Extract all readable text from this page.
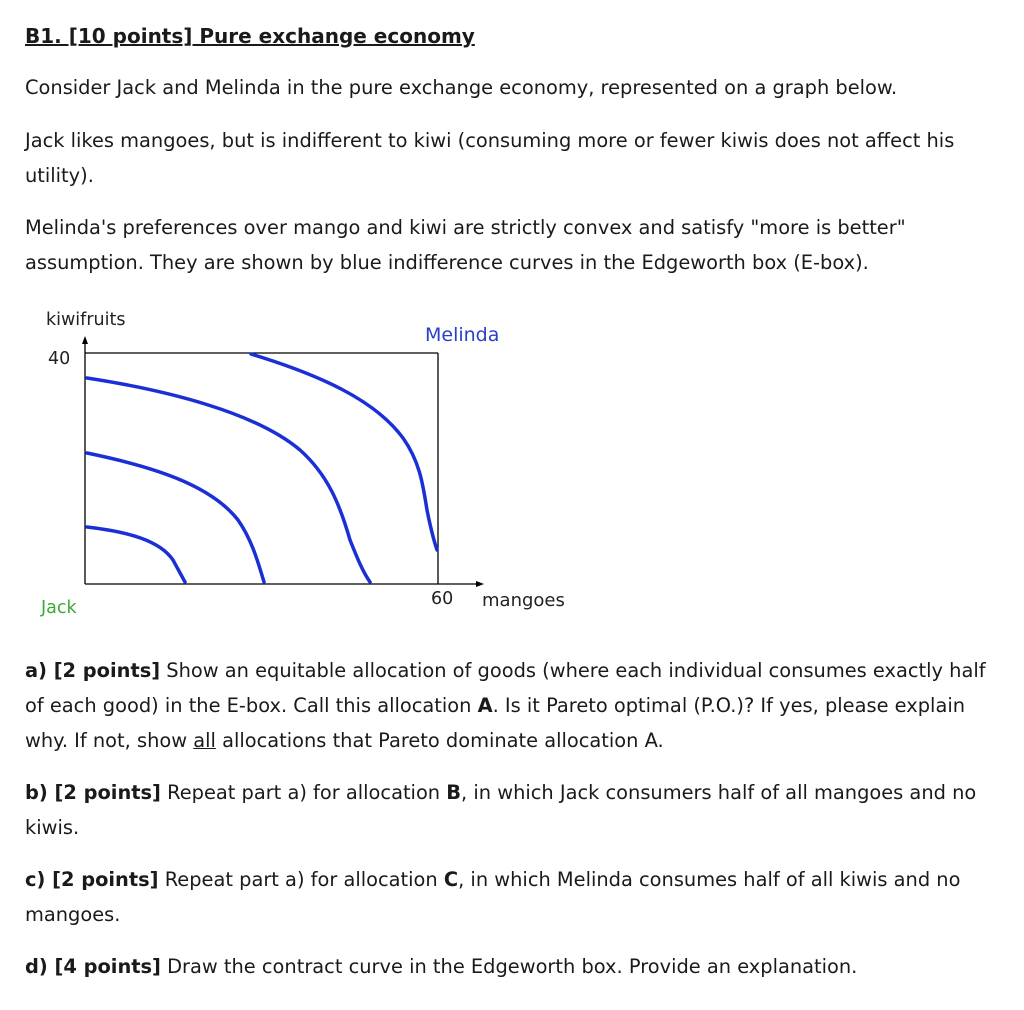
B1. [10 points] Pure exchange economy
Consider Jack and Melinda in the pure exchange economy, represented on a graph below.
Jack likes mangoes, but is indifferent to kiwi (consuming more or fewer kiwis does not affect his utility).
Melinda's preferences over mango and kiwi are strictly convex and satisfy "more is better" assumption. They are shown by blue indifference curves in the Edgeworth box (E-box).
a) [2 points] Show an equitable allocation of goods (where each individual consumes exactly half of each good) in the E-box. Call this allocation A. Is it Pareto optimal (P.O.)? If yes, please explain why. If not, show all allocations that Pareto dominate allocation A.
b) [2 points] Repeat part a) for allocation B, in which Jack consumers half of all mangoes and no kiwis.
c) [2 points] Repeat part a) for allocation C, in which Melinda consumes half of all kiwis and no mangoes.
d) [4 points] Draw the contract curve in the Edgeworth box. Provide an explanation.
kiwifruits
40
Melinda
Jack	60 mangoes
